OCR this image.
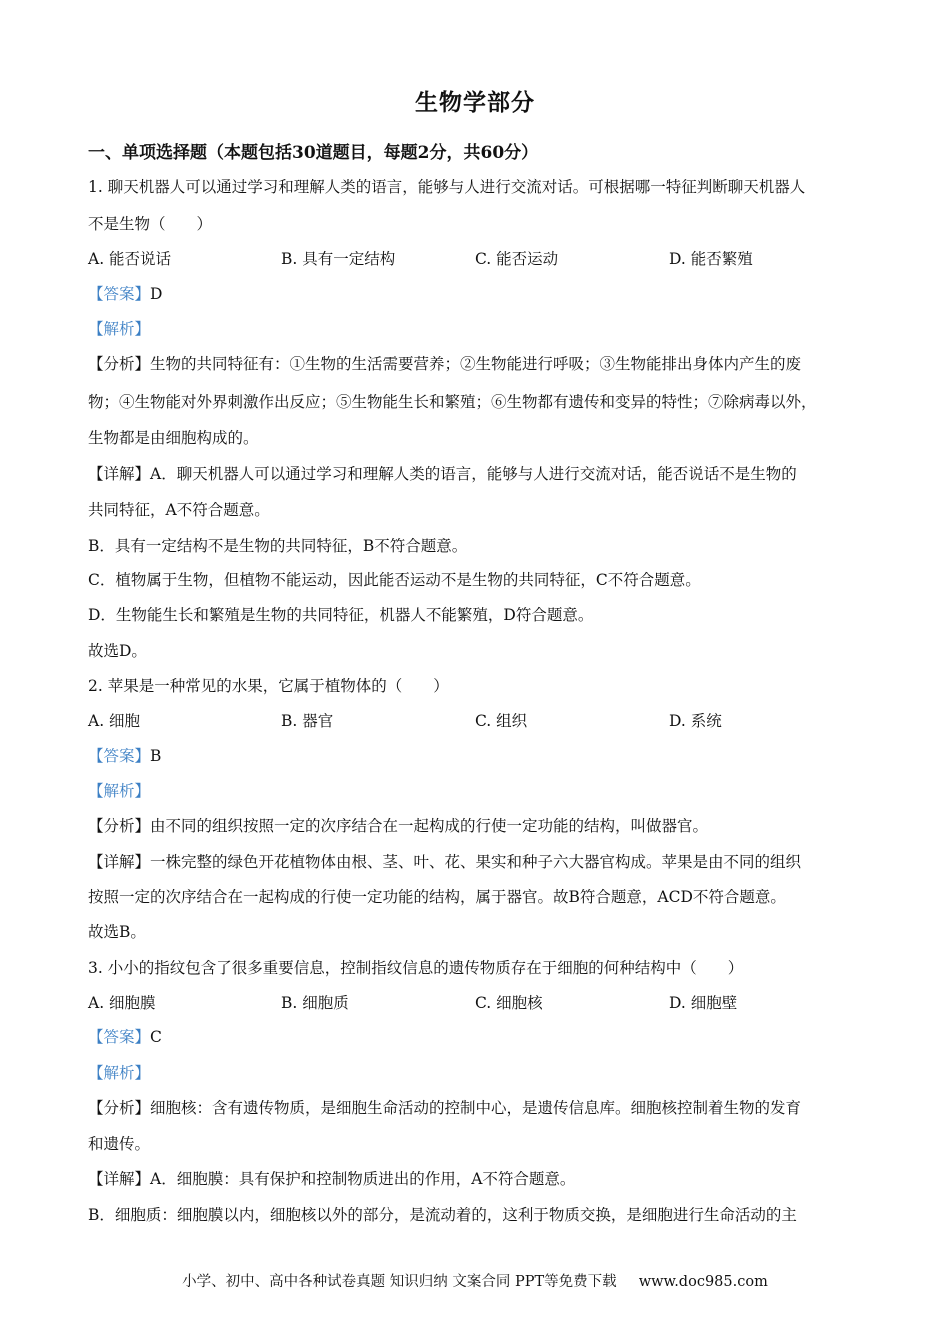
生物学部分
一、单项选择题（本题包括30道题目，每题2分，共60分）
1. 聊天机器人可以通过学习和理解人类的语言，能够与人进行交流对话。可根据哪一特征判断聊天机器人
不是生物（　　）
A. 能否说话	B. 具有一定结构	C. 能否运动	D. 能否繁殖
【答案】D
【解析】
【分析】生物的共同特征有：①生物的生活需要营养；②生物能进行呼吸；③生物能排出身体内产生的废
物；④生物能对外界刺激作出反应；⑤生物能生长和繁殖；⑥生物都有遗传和变异的特性；⑦除病毒以外，
生物都是由细胞构成的。
【详解】A．聊天机器人可以通过学习和理解人类的语言，能够与人进行交流对话，能否说话不是生物的
共同特征，A不符合题意。
B．具有一定结构不是生物的共同特征，B不符合题意。
C．植物属于生物，但植物不能运动，因此能否运动不是生物的共同特征，C不符合题意。
D．生物能生长和繁殖是生物的共同特征，机器人不能繁殖，D符合题意。
故选D。
2. 苹果是一种常见的水果，它属于植物体的（　　）
A. 细胞	B. 器官	C. 组织	D. 系统
【答案】B
【解析】
【分析】由不同的组织按照一定的次序结合在一起构成的行使一定功能的结构，叫做器官。
【详解】一株完整的绿色开花植物体由根、茎、叶、花、果实和种子六大器官构成。苹果是由不同的组织
按照一定的次序结合在一起构成的行使一定功能的结构，属于器官。故B符合题意，ACD不符合题意。
故选B。
3. 小小的指纹包含了很多重要信息，控制指纹信息的遗传物质存在于细胞的何种结构中（　　）
A. 细胞膜	B. 细胞质	C. 细胞核	D. 细胞壁
【答案】C
【解析】
【分析】细胞核：含有遗传物质，是细胞生命活动的控制中心，是遗传信息库。细胞核控制着生物的发育
和遗传。
【详解】A．细胞膜：具有保护和控制物质进出的作用，A不符合题意。
B．细胞质：细胞膜以内，细胞核以外的部分，是流动着的，这利于物质交换，是细胞进行生命活动的主
小学、初中、高中各种试卷真题 知识归纳 文案合同 PPT等免费下载 www.doc985.com
